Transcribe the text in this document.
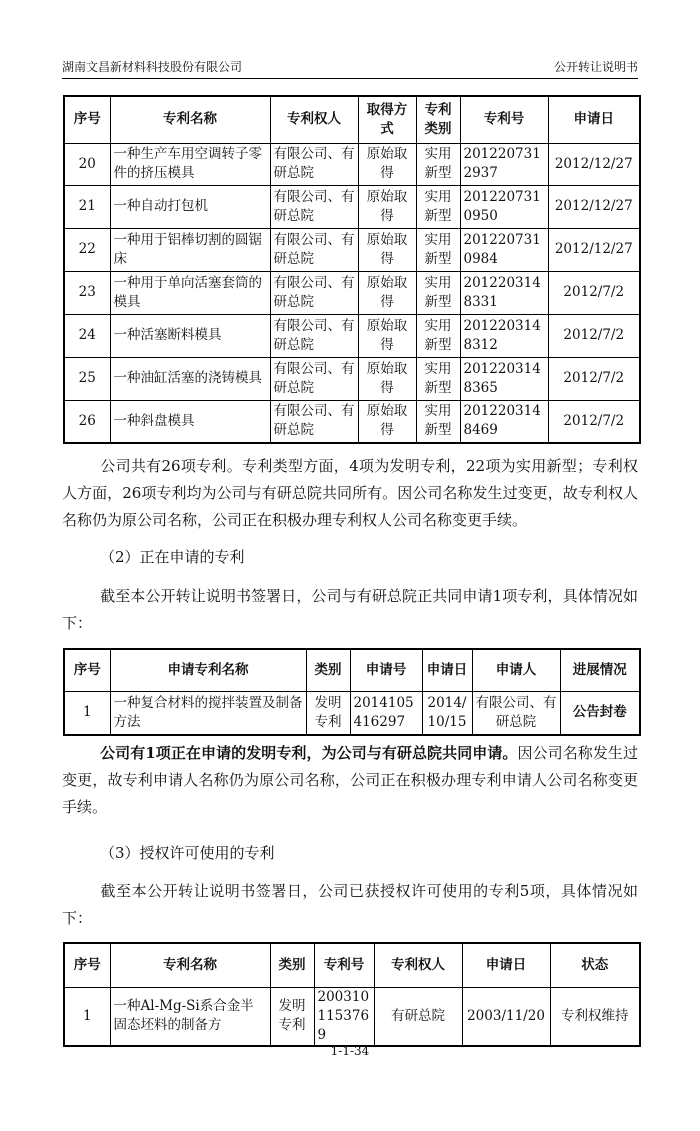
湖南文昌新材料科技股份有限公司	公开转让说明书
序号	专利名称	专利权人	取得方式	专利类别	专利号	申请日
20	一种生产车用空调转子零件的挤压模具	有限公司、有研总院	原始取得	实用新型	2012207312937	2012/12/27
21	一种自动打包机	有限公司、有研总院	原始取得	实用新型	2012207310950	2012/12/27
22	一种用于铝棒切割的圆锯床	有限公司、有研总院	原始取得	实用新型	2012207310984	2012/12/27
23	一种用于单向活塞套筒的模具	有限公司、有研总院	原始取得	实用新型	2012203148331	2012/7/2
24	一种活塞断料模具	有限公司、有研总院	原始取得	实用新型	2012203148312	2012/7/2
25	一种油缸活塞的浇铸模具	有限公司、有研总院	原始取得	实用新型	2012203148365	2012/7/2
26	一种斜盘模具	有限公司、有研总院	原始取得	实用新型	2012203148469	2012/7/2
公司共有26项专利。专利类型方面，4项为发明专利，22项为实用新型；专利权人方面，26项专利均为公司与有研总院共同所有。因公司名称发生过变更，故专利权人名称仍为原公司名称，公司正在积极办理专利权人公司名称变更手续。
（2）正在申请的专利
截至本公开转让说明书签署日，公司与有研总院正共同申请1项专利，具体情况如下：
序号	申请专利名称	类别	申请号	申请日	申请人	进展情况
1	一种复合材料的搅拌装置及制备方法	发明专利	2014105416297	2014/10/15	有限公司、有研总院	公告封卷
公司有1项正在申请的发明专利，为公司与有研总院共同申请。因公司名称发生过变更，故专利申请人名称仍为原公司名称，公司正在积极办理专利申请人公司名称变更手续。
（3）授权许可使用的专利
截至本公开转让说明书签署日，公司已获授权许可使用的专利5项，具体情况如下：
序号	专利名称	类别	专利号	专利权人	申请日	状态
1	一种Al-Mg-Si系合金半固态坯料的制备方	发明专利	2003101153769	有研总院	2003/11/20	专利权维持
1-1-34
